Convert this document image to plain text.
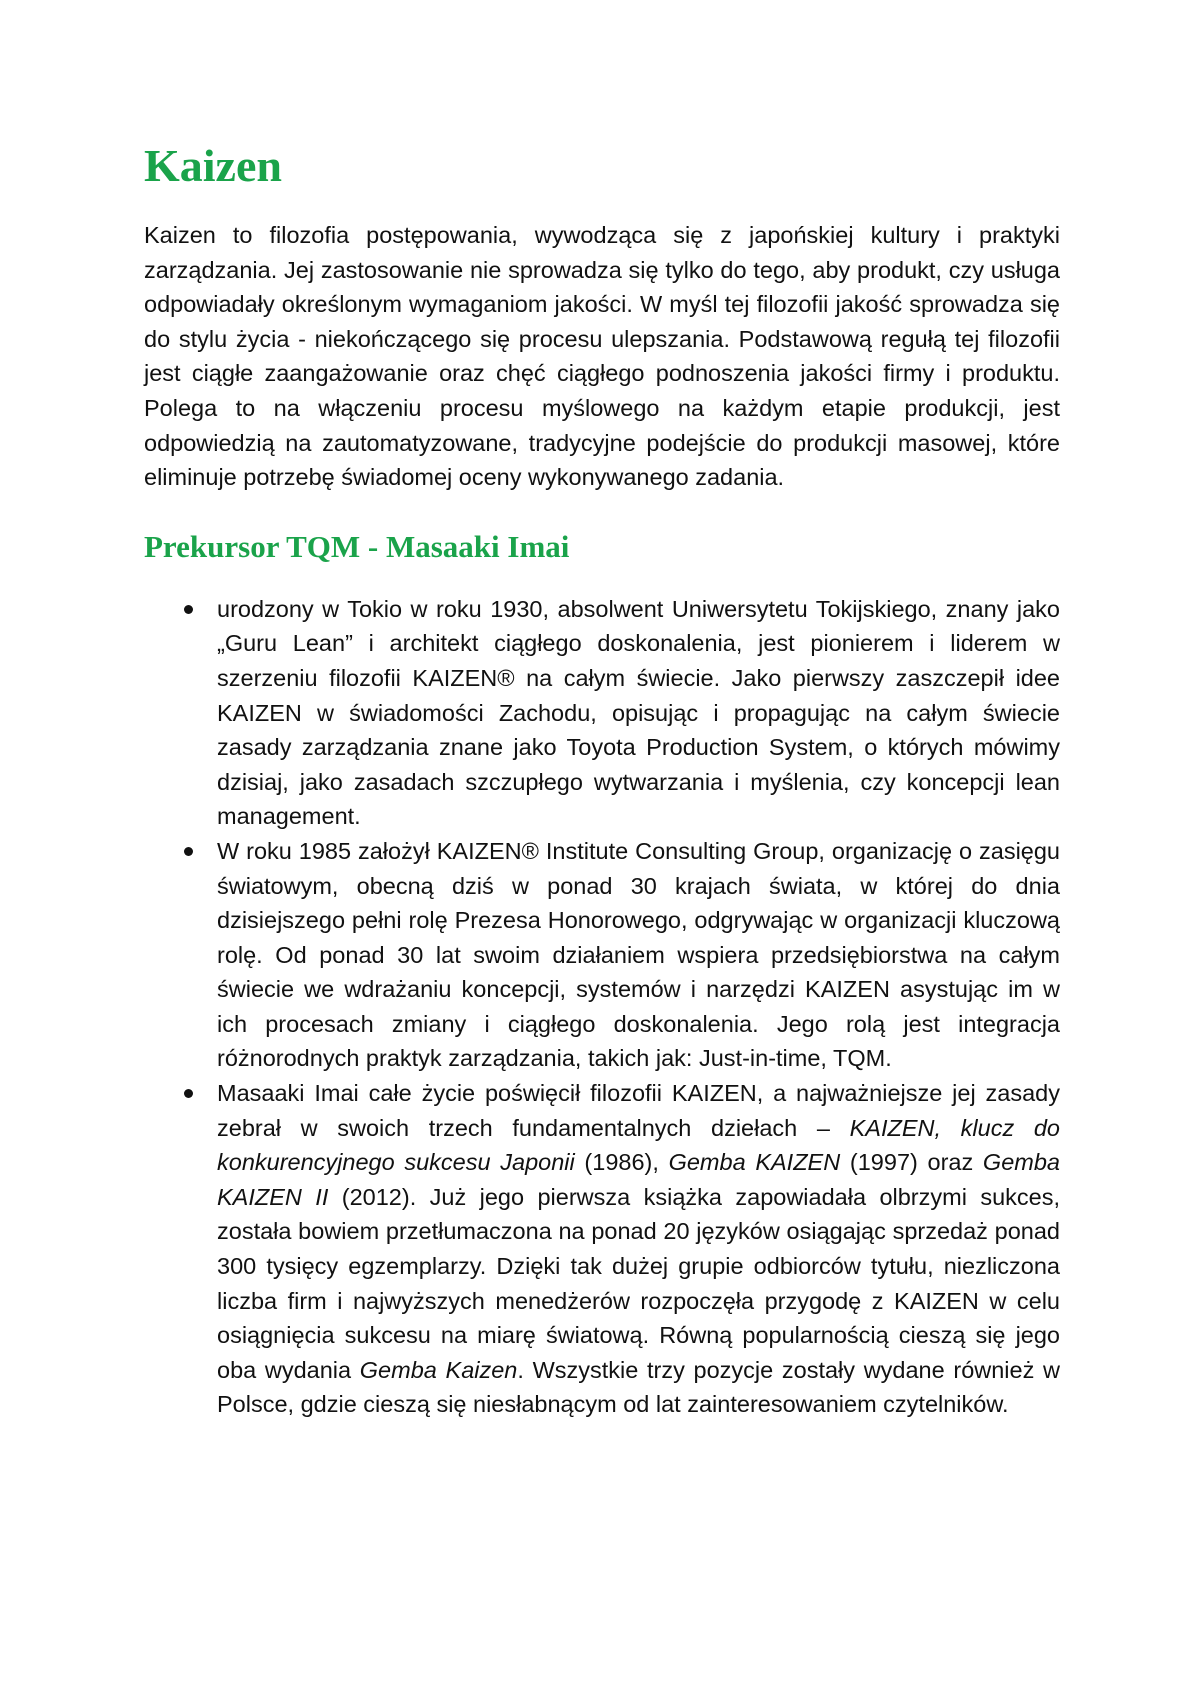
Kaizen

Kaizen to filozofia postępowania, wywodząca się z japońskiej kultury i praktyki zarządzania. Jej zastosowanie nie sprowadza się tylko do tego, aby produkt, czy usługa odpowiadały określonym wymaganiom jakości. W myśl tej filozofii jakość sprowadza się do stylu życia - niekończącego się procesu ulepszania. Podstawową regułą tej filozofii jest ciągłe zaangażowanie oraz chęć ciągłego podnoszenia jakości firmy i produktu. Polega to na włączeniu procesu myślowego na każdym etapie produkcji, jest odpowiedzią na zautomatyzowane, tradycyjne podejście do produkcji masowej, które eliminuje potrzebę świadomej oceny wykonywanego zadania.

Prekursor TQM - Masaaki Imai
urodzony w Tokio w roku 1930, absolwent Uniwersytetu Tokijskiego, znany jako „Guru Lean” i architekt ciągłego doskonalenia, jest pionierem i liderem w szerzeniu filozofii KAIZEN® na całym świecie. Jako pierwszy zaszczepił idee KAIZEN w świadomości Zachodu, opisując i propagując na całym świecie zasady zarządzania znane jako Toyota Production System, o których mówimy dzisiaj, jako zasadach szczupłego wytwarzania i myślenia, czy koncepcji lean management.
W roku 1985 założył KAIZEN® Institute Consulting Group, organizację o zasięgu światowym, obecną dziś w ponad 30 krajach świata, w której do dnia dzisiejszego pełni rolę Prezesa Honorowego, odgrywając w organizacji kluczową rolę. Od ponad 30 lat swoim działaniem wspiera przedsiębiorstwa na całym świecie we wdrażaniu koncepcji, systemów i narzędzi KAIZEN asystując im w ich procesach zmiany i ciągłego doskonalenia. Jego rolą jest integracja różnorodnych praktyk zarządzania, takich jak: Just-in-time, TQM.
Masaaki Imai całe życie poświęcił filozofii KAIZEN, a najważniejsze jej zasady zebrał w swoich trzech fundamentalnych dziełach – KAIZEN, klucz do konkurencyjnego sukcesu Japonii (1986), Gemba KAIZEN (1997) oraz Gemba KAIZEN II (2012). Już jego pierwsza książka zapowiadała olbrzymi sukces, została bowiem przetłumaczona na ponad 20 języków osiągając sprzedaż ponad 300 tysięcy egzemplarzy. Dzięki tak dużej grupie odbiorców tytułu, niezliczona liczba firm i najwyższych menedżerów rozpoczęła przygodę z KAIZEN w celu osiągnięcia sukcesu na miarę światową. Równą popularnością cieszą się jego oba wydania Gemba Kaizen. Wszystkie trzy pozycje zostały wydane również w Polsce, gdzie cieszą się niesłabnącym od lat zainteresowaniem czytelników.
